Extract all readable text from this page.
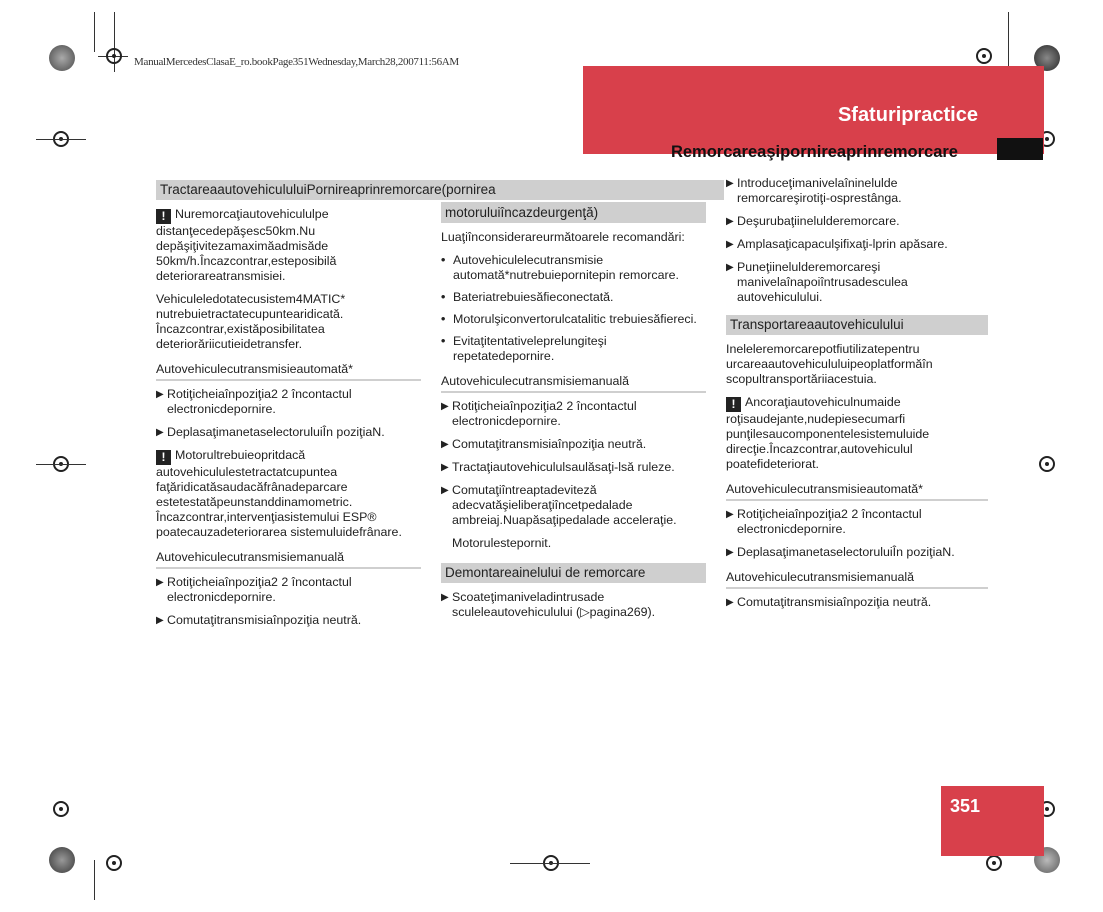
ManualMercedesClasaE_ro.bookPage351Wednesday,March28,200711:56AM
Sfaturipractice
Remorcareaşipornireaprinremorcare
TractareaautovehicululuiPornireaprinremorcare(pornirea

! Nuremorcaţiautovehicululpe distanţecedepăşesc50km.Nu depăşiţivitezamaximăadmisăde 50km/h.Încazcontrar,esteposibilă deteriorareatransmisiei.

Vehiculeledotatecusistem4MATIC* nutrebuietractatecupuntearidicată. Încazcontrar,existăposibilitatea deteriorăriicutieidetransfer.

Autovehiculecutransmisieautomată*
▶ Rotiţicheiaînpoziţia2 2 încontactul electronicdepornire.
▶ DeplasaţimanetaselectoruluiÎn poziţiaN.

! Motorultrebuieopritdacă autovehicululestetractatcupuntea faţăridicatăsaudacăfrânadeparcare estetestatăpeunstanddinamometric. Încazcontrar,intervenţiasistemului ESP® poatecauzadeteriorarea sistemuluidefrânare.

Autovehiculecutransmisiemanuală
▶ Rotiţicheiaînpoziţia2 2 încontactul electronicdepornire.
▶ Comutaţitransmisiaînpoziţia neutră.
motoruluiîncazdeurgenţă)

Luaţiînconsiderareurmătoarele recomandări:

• Autovehiculelecutransmisie automată*nutrebuiepornitepin remorcare.
• Bateriatrebuiesăfieconectată.
• Motorulşiconvertorulcatalitic trebuiesăfiereci.
• Evitaţitentativeleprelungiteşi repetatedepornire.
Autovehiculecutransmisiemanuală
▶ Rotiţicheiaînpoziţia2 2 încontactul electronicdepornire.
▶ Comutaţitransmisiaînpoziţia neutră.
▶ Tractaţiautovehicululsaulăsaţi-lsă ruleze.
▶ Comutaţiîntreaptadeviteză adecvatăşieliberaţiîncetpedalade ambreiaj.Nuapăsaţipedalade acceleraţie.

Motorulestepornit.

Demontareainelului de remorcare
▶ Scoateţimaniveladintrusade sculeleautovehiculului (▷pagina269).
▶ Introduceţimanivelaîninelulde remorcareşirotiţi-osprestânga.
▶ Deşurubaţiinelulderemorcare.
▶ Amplasaţicapaculşifixaţi-lprin apăsare.
▶ Puneţiinelulderemorcareşi manivelaînapoiîntrusadesculea autovehiculului.
Transportareaautovehiculului

Ineleleremorcarepotfiutilizatepentru urcareaautovehicululuipeoplatformăîn scopultransportăriiacestuia.

! Ancoraţiautovehiculnumaide roţisaudejante,nudepiesecumarfi punţilesaucomponentelesistemuluide direcţie.Încazcontrar,autovehiculul poatefideteriorat.

Autovehiculecutransmisieautomată*
▶ Rotiţicheiaînpoziţia2 2 încontactul electronicdepornire.
▶ DeplasaţimanetaselectoruluiÎn poziţiaN.
Autovehiculecutransmisiemanuală
▶ Comutaţitransmisiaînpoziţia neutră.
351
